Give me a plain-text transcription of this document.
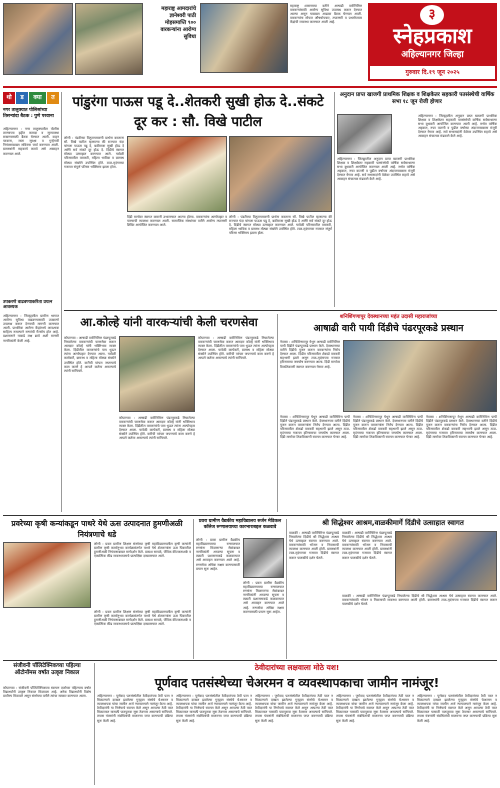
महाराष्ट्र आमदारांचे ज्ञानेश्वरी पाठी मोहसमाप्ति ९०० वारकऱ्यांना आरोग्य सुविधा
महाराष्ट्र शासनाच्या वतीने आषाढी वारीनिमित्त वारकऱ्यांसाठी आरोग्य सुविधा उपलब्ध करून देण्यात आल्या असून याबाबत आढावा बैठक घेण्यात आली. वारकऱ्यांना मोफत औषधोपचार, तपासणी व प्रथमोपचार केंद्रांची व्यवस्था करण्यात आली आहे.
३
स्नेहप्रकाश
अहिल्यानगर जिल्हा
गुरुवार दि.१९ जून २०२५
थो	ड	क्या	त
नगर तालुक्यात पोलिसांच्या तिसऱ्यांदा बैठक : पुणे परवाना
अहिल्यानगर : नगर तालुक्यातील पोलीस ठाण्याच्या हद्दीत कायदा व सुव्यवस्था राखण्यासाठी बैठक घेण्यात आली. वाहन परवाना, रस्ता सुरक्षा व गुन्हेगारी नियंत्रणाबाबत सविस्तर चर्चा करण्यात आली. ग्रामस्थांनी सहकार्य करावे असे आवाहन करण्यात आले.
उपकरणे वाढवण्याकरिता प्रयत्न आवश्यक
अहिल्यानगर : जिल्ह्यातील ग्रामीण भागात आरोग्य सुविधा वाढवण्यासाठी उपकरणे उपलब्ध करून देण्याची मागणी करण्यात आली. प्राथमिक आरोग्य केंद्रांमध्ये आवश्यक साहित्य नसल्याने रुग्णांची गैरसोय होत आहे. प्रशासनाने याकडे लक्ष द्यावे अशी मागणी नागरिकांनी केली आहे.
पांडुरंगा पाऊस पडू दे..शेतकरी सुखी होऊ दे..संकटे दूर कर : सौ. विखे पाटील
लोणी : पंढरीच्या विठुरायाचरणी प्रार्थना करताना सौ. विखे पाटील म्हणाल्या की राज्यात यंदा चांगला पाऊस पडू दे, बळीराजा सुखी होऊ दे आणि सर्व संकटे दूर होऊ दे. दिंडीचे स्वागत मोठ्या उत्साहात करण्यात आले. यावेळी परिसरातील वारकरी, महिला भाविक व ग्रामस्थ मोठ्या संख्येने उपस्थित होते. टाळ-मृदंगाच्या गजरात संपूर्ण परिसर भक्तिमय झाला होता.
दिंडी मार्गावर स्वागत कमानी उभारण्यात आल्या होत्या. वारकऱ्यांना अल्पोपहार व पाण्याची व्यवस्था करण्यात आली. सामाजिक संस्थांच्या वतीने आरोग्य तपासणी शिबिर आयोजित करण्यात आले.
लोणी : पंढरीच्या विठुरायाचरणी प्रार्थना करताना सौ. विखे पाटील म्हणाल्या की राज्यात यंदा चांगला पाऊस पडू दे, बळीराजा सुखी होऊ दे आणि सर्व संकटे दूर होऊ दे. दिंडीचे स्वागत मोठ्या उत्साहात करण्यात आले. यावेळी परिसरातील वारकरी, महिला भाविक व ग्रामस्थ मोठ्या संख्येने उपस्थित होते. टाळ-मृदंगाच्या गजरात संपूर्ण परिसर भक्तिमय झाला होता.
अनुदान प्राप्त खाजगी प्राथमिक शिक्षक व शिक्षकेतर सहकारी पतसंस्थेची वार्षिक सभा १८ जून रोजी होणार
अहिल्यानगर : जिल्ह्यातील अनुदान प्राप्त खाजगी प्राथमिक शिक्षक व शिक्षकेतर सहकारी पतसंस्थेची वार्षिक सर्वसाधारण सभा बुधवारी आयोजित करण्यात आली आहे. सभेत वार्षिक अहवाल, नफा वाटणी व पुढील वर्षाच्या अंदाजपत्रकास मंजुरी देण्यात येणार आहे. सर्व सभासदांनी वेळेवर उपस्थित राहावे असे आवाहन संचालक मंडळाने केले आहे.
अहिल्यानगर : जिल्ह्यातील अनुदान प्राप्त खाजगी प्राथमिक शिक्षक व शिक्षकेतर सहकारी पतसंस्थेची वार्षिक सर्वसाधारण सभा बुधवारी आयोजित करण्यात आली आहे. सभेत वार्षिक अहवाल, नफा वाटणी व पुढील वर्षाच्या अंदाजपत्रकास मंजुरी देण्यात येणार आहे. सर्व सभासदांनी वेळेवर उपस्थित राहावे असे आवाहन संचालक मंडळाने केले आहे.
आ.कोल्हे यांनी वारकऱ्यांची केली चरणसेवा
कोपरगाव : आषाढी वारीनिमित्त पंढरपूरकडे निघालेल्या वारकऱ्यांची चरणसेवा करून आमदार कोल्हे यांनी भक्तिभाव व्यक्त केला. दिंडीतील वारकऱ्यांचे पाय धुऊन त्यांना अल्पोपहार देण्यात आला. यावेळी कार्यकर्ते, ग्रामस्थ व महिला मोठ्या संख्येने उपस्थित होते. वारीची परंपरा जपण्याचे काम करणे हे आपले कर्तव्य असल्याचे त्यांनी सांगितले.
कोपरगाव : आषाढी वारीनिमित्त पंढरपूरकडे निघालेल्या वारकऱ्यांची चरणसेवा करून आमदार कोल्हे यांनी भक्तिभाव व्यक्त केला. दिंडीतील वारकऱ्यांचे पाय धुऊन त्यांना अल्पोपहार देण्यात आला. यावेळी कार्यकर्ते, ग्रामस्थ व महिला मोठ्या संख्येने उपस्थित होते. वारीची परंपरा जपण्याचे काम करणे हे आपले कर्तव्य असल्याचे त्यांनी सांगितले.
कोपरगाव : आषाढी वारीनिमित्त पंढरपूरकडे निघालेल्या वारकऱ्यांची चरणसेवा करून आमदार कोल्हे यांनी भक्तिभाव व्यक्त केला. दिंडीतील वारकऱ्यांचे पाय धुऊन त्यांना अल्पोपहार देण्यात आला. यावेळी कार्यकर्ते, ग्रामस्थ व महिला मोठ्या संख्येने उपस्थित होते. वारीची परंपरा जपण्याचे काम करणे हे आपले कर्तव्य असल्याचे त्यांनी सांगितले.
शनिशिंगणापूर देवस्थानच्या महंत उदासी महाराजांच्या
आषाढी वारी पायी दिंडीचे पंढरपूरकडे प्रस्थान
नेवासा : शनिशिंगणापूर येथून आषाढी वारीनिमित्त पायी दिंडीने पंढरपूरकडे प्रस्थान केले. देवस्थानच्या वतीने दिंडीचे पूजन करून वारकऱ्यांना निरोप देण्यात आला. दिंडीत परिसरातील शेकडो वारकरी सहभागी झाले असून टाळ-मृदंगाच्या गजरात हरिनामाचा जयघोष करण्यात आला. दिंडी मार्गावर ठिकठिकाणी स्वागत करण्यात येणार आहे.
नेवासा : शनिशिंगणापूर येथून आषाढी वारीनिमित्त पायी दिंडीने पंढरपूरकडे प्रस्थान केले. देवस्थानच्या वतीने दिंडीचे पूजन करून वारकऱ्यांना निरोप देण्यात आला. दिंडीत परिसरातील शेकडो वारकरी सहभागी झाले असून टाळ-मृदंगाच्या गजरात हरिनामाचा जयघोष करण्यात आला. दिंडी मार्गावर ठिकठिकाणी स्वागत करण्यात येणार आहे.
नेवासा : शनिशिंगणापूर येथून आषाढी वारीनिमित्त पायी दिंडीने पंढरपूरकडे प्रस्थान केले. देवस्थानच्या वतीने दिंडीचे पूजन करून वारकऱ्यांना निरोप देण्यात आला. दिंडीत परिसरातील शेकडो वारकरी सहभागी झाले असून टाळ-मृदंगाच्या गजरात हरिनामाचा जयघोष करण्यात आला. दिंडी मार्गावर ठिकठिकाणी स्वागत करण्यात येणार आहे.
नेवासा : शनिशिंगणापूर येथून आषाढी वारीनिमित्त पायी दिंडीने पंढरपूरकडे प्रस्थान केले. देवस्थानच्या वतीने दिंडीचे पूजन करून वारकऱ्यांना निरोप देण्यात आला. दिंडीत परिसरातील शेकडो वारकरी सहभागी झाले असून टाळ-मृदंगाच्या गजरात हरिनामाचा जयघोष करण्यात आला. दिंडी मार्गावर ठिकठिकाणी स्वागत करण्यात येणार आहे.
प्रवरेच्या कृषी कन्यांकडून पाथरे येथे ऊस उत्पादनात हुमणीअळी नियंत्रणाचे धडे
लोणी : प्रवरा ग्रामीण शिक्षण संस्थेच्या कृषी महाविद्यालयातील कृषी कन्यांनी ग्रामीण कृषी कार्यानुभव कार्यक्रमांतर्गत पाथरे येथे शेतकऱ्यांना ऊस पिकातील हुमणीअळी नियंत्रणाबाबत मार्गदर्शन केले. प्रकाश सापळे, जैविक कीटकनाशके व एकात्मिक कीड व्यवस्थापनाचे प्रात्यक्षिक दाखवण्यात आले.
लोणी : प्रवरा ग्रामीण शिक्षण संस्थेच्या कृषी महाविद्यालयातील कृषी कन्यांनी ग्रामीण कृषी कार्यानुभव कार्यक्रमांतर्गत पाथरे येथे शेतकऱ्यांना ऊस पिकातील हुमणीअळी नियंत्रणाबाबत मार्गदर्शन केले. प्रकाश सापळे, जैविक कीटकनाशके व एकात्मिक कीड व्यवस्थापनाचे प्रात्यक्षिक दाखवण्यात आले.
प्रवरा ग्रामीण वैद्यकीय महाविद्यालय सर्जन मेडिकल कॉलेज रुग्णालयाच्या कारभाराबद्दल कळवावे
लोणी : प्रवरा ग्रामीण वैद्यकीय महाविद्यालयाच्या रुग्णालयात रुग्णांना मिळणाऱ्या सेवांबाबत नागरिकांनी आपल्या सूचना व तक्रारी प्रशासनाकडे कळवाव्यात असे आवाहन करण्यात आले आहे. रुग्णसेवा अधिक सक्षम करण्यासाठी प्रयत्न सुरू आहेत.
लोणी : प्रवरा ग्रामीण वैद्यकीय महाविद्यालयाच्या रुग्णालयात रुग्णांना मिळणाऱ्या सेवांबाबत नागरिकांनी आपल्या सूचना व तक्रारी प्रशासनाकडे कळवाव्यात असे आवाहन करण्यात आले आहे. रुग्णसेवा अधिक सक्षम करण्यासाठी प्रयत्न सुरू आहेत.
श्री सिद्धेश्वर आश्रम,वाळकीमार्गे दिंडीचे उत्साहात स्वागत
वाळकी : आषाढी वारीनिमित्त पंढरपूरकडे निघालेल्या दिंडीचे श्री सिद्धेश्वर आश्रम येथे उत्साहात स्वागत करण्यात आले. वारकऱ्यांसाठी भोजन व निवासाची व्यवस्था करण्यात आली होती. ग्रामस्थांनी टाळ-मृदंगाच्या गजरात दिंडीचे स्वागत करून पालखीचे दर्शन घेतले.
वाळकी : आषाढी वारीनिमित्त पंढरपूरकडे निघालेल्या दिंडीचे श्री सिद्धेश्वर आश्रम येथे उत्साहात स्वागत करण्यात आले. वारकऱ्यांसाठी भोजन व निवासाची व्यवस्था करण्यात आली होती. ग्रामस्थांनी टाळ-मृदंगाच्या गजरात दिंडीचे स्वागत करून पालखीचे दर्शन घेतले.
वाळकी : आषाढी वारीनिमित्त पंढरपूरकडे निघालेल्या दिंडीचे श्री सिद्धेश्वर आश्रम येथे उत्साहात स्वागत करण्यात आले. वारकऱ्यांसाठी भोजन व निवासाची व्यवस्था करण्यात आली होती. ग्रामस्थांनी टाळ-मृदंगाच्या गजरात दिंडीचे स्वागत करून पालखीचे दर्शन घेतले.
संजीवनी पॉलिटेक्निकच्या पहिल्या ऑटोनॉमस वर्षात उत्कृष्ट निकाल
कोपरगाव : संजीवनी पॉलिटेक्निकच्या स्वायत्त दर्जाच्या पहिल्याच वर्षात विद्यार्थ्यांनी उत्कृष्ट निकाल मिळवला आहे. अनेक विद्यार्थ्यांनी विशेष प्रावीण्य मिळवले असून संस्थेच्या वतीने त्यांचा सत्कार करण्यात आला.
ठेवीदारांच्या लक्षवाला मोठे यश!
पूर्णवाद पतसंस्थेच्या चेअरमन व व्यवस्थापकाचा जामीन नामंजूर!
अहिल्यानगर : पूर्णवाद पतसंस्थेतील ठेवीदारांच्या ठेवी परत न मिळाल्याने दाखल झालेल्या गुन्ह्यात संस्थेचे चेअरमन व व्यवस्थापक यांचा जामीन अर्ज न्यायालयाने नामंजूर केला आहे. ठेवीदारांनी या निर्णयाचे स्वागत केले असून आपल्या ठेवी परत मिळाव्यात यासाठी पाठपुरावा सुरू ठेवणार असल्याचे सांगितले. तपास यंत्रणांनी संबंधितांची मालमत्ता जप्त करण्याची प्रक्रिया सुरू केली आहे.
अहिल्यानगर : पूर्णवाद पतसंस्थेतील ठेवीदारांच्या ठेवी परत न मिळाल्याने दाखल झालेल्या गुन्ह्यात संस्थेचे चेअरमन व व्यवस्थापक यांचा जामीन अर्ज न्यायालयाने नामंजूर केला आहे. ठेवीदारांनी या निर्णयाचे स्वागत केले असून आपल्या ठेवी परत मिळाव्यात यासाठी पाठपुरावा सुरू ठेवणार असल्याचे सांगितले. तपास यंत्रणांनी संबंधितांची मालमत्ता जप्त करण्याची प्रक्रिया सुरू केली आहे.
अहिल्यानगर : पूर्णवाद पतसंस्थेतील ठेवीदारांच्या ठेवी परत न मिळाल्याने दाखल झालेल्या गुन्ह्यात संस्थेचे चेअरमन व व्यवस्थापक यांचा जामीन अर्ज न्यायालयाने नामंजूर केला आहे. ठेवीदारांनी या निर्णयाचे स्वागत केले असून आपल्या ठेवी परत मिळाव्यात यासाठी पाठपुरावा सुरू ठेवणार असल्याचे सांगितले. तपास यंत्रणांनी संबंधितांची मालमत्ता जप्त करण्याची प्रक्रिया सुरू केली आहे.
अहिल्यानगर : पूर्णवाद पतसंस्थेतील ठेवीदारांच्या ठेवी परत न मिळाल्याने दाखल झालेल्या गुन्ह्यात संस्थेचे चेअरमन व व्यवस्थापक यांचा जामीन अर्ज न्यायालयाने नामंजूर केला आहे. ठेवीदारांनी या निर्णयाचे स्वागत केले असून आपल्या ठेवी परत मिळाव्यात यासाठी पाठपुरावा सुरू ठेवणार असल्याचे सांगितले. तपास यंत्रणांनी संबंधितांची मालमत्ता जप्त करण्याची प्रक्रिया सुरू केली आहे.
अहिल्यानगर : पूर्णवाद पतसंस्थेतील ठेवीदारांच्या ठेवी परत न मिळाल्याने दाखल झालेल्या गुन्ह्यात संस्थेचे चेअरमन व व्यवस्थापक यांचा जामीन अर्ज न्यायालयाने नामंजूर केला आहे. ठेवीदारांनी या निर्णयाचे स्वागत केले असून आपल्या ठेवी परत मिळाव्यात यासाठी पाठपुरावा सुरू ठेवणार असल्याचे सांगितले. तपास यंत्रणांनी संबंधितांची मालमत्ता जप्त करण्याची प्रक्रिया सुरू केली आहे.
